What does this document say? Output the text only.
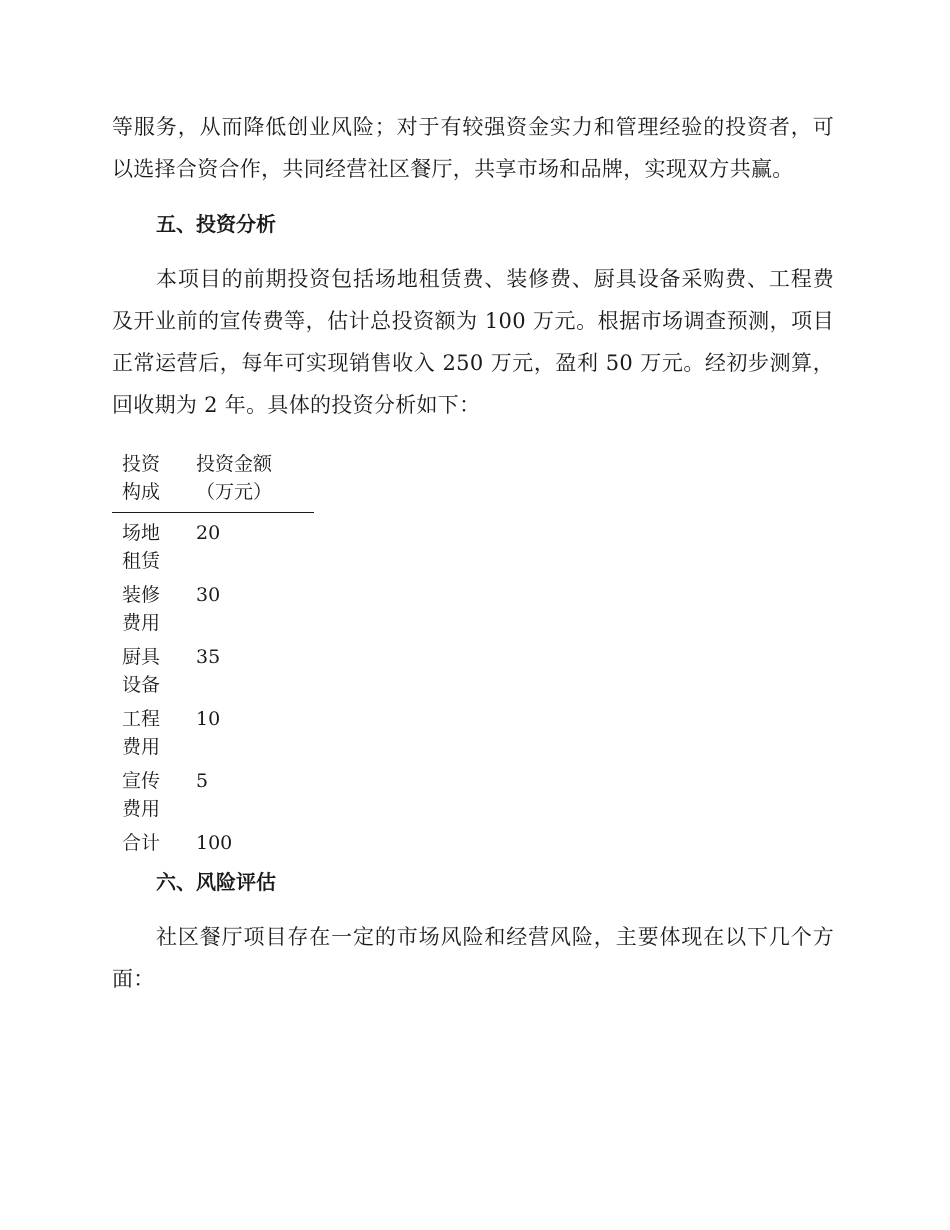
等服务，从而降低创业风险；对于有较强资金实力和管理经验的投资者，可以选择合资合作，共同经营社区餐厅，共享市场和品牌，实现双方共赢。

五、投资分析

本项目的前期投资包括场地租赁费、装修费、厨具设备采购费、工程费及开业前的宣传费等，估计总投资额为 100 万元。根据市场调查预测，项目正常运营后，每年可实现销售收入 250 万元，盈利 50 万元。经初步测算，回收期为 2 年。具体的投资分析如下：

投资构成	投资金额（万元）

场地租赁	20

装修费用	30

厨具设备	35

工程费用	10

宣传费用	5

合计	100
六、风险评估

社区餐厅项目存在一定的市场风险和经营风险，主要体现在以下几个方面：
